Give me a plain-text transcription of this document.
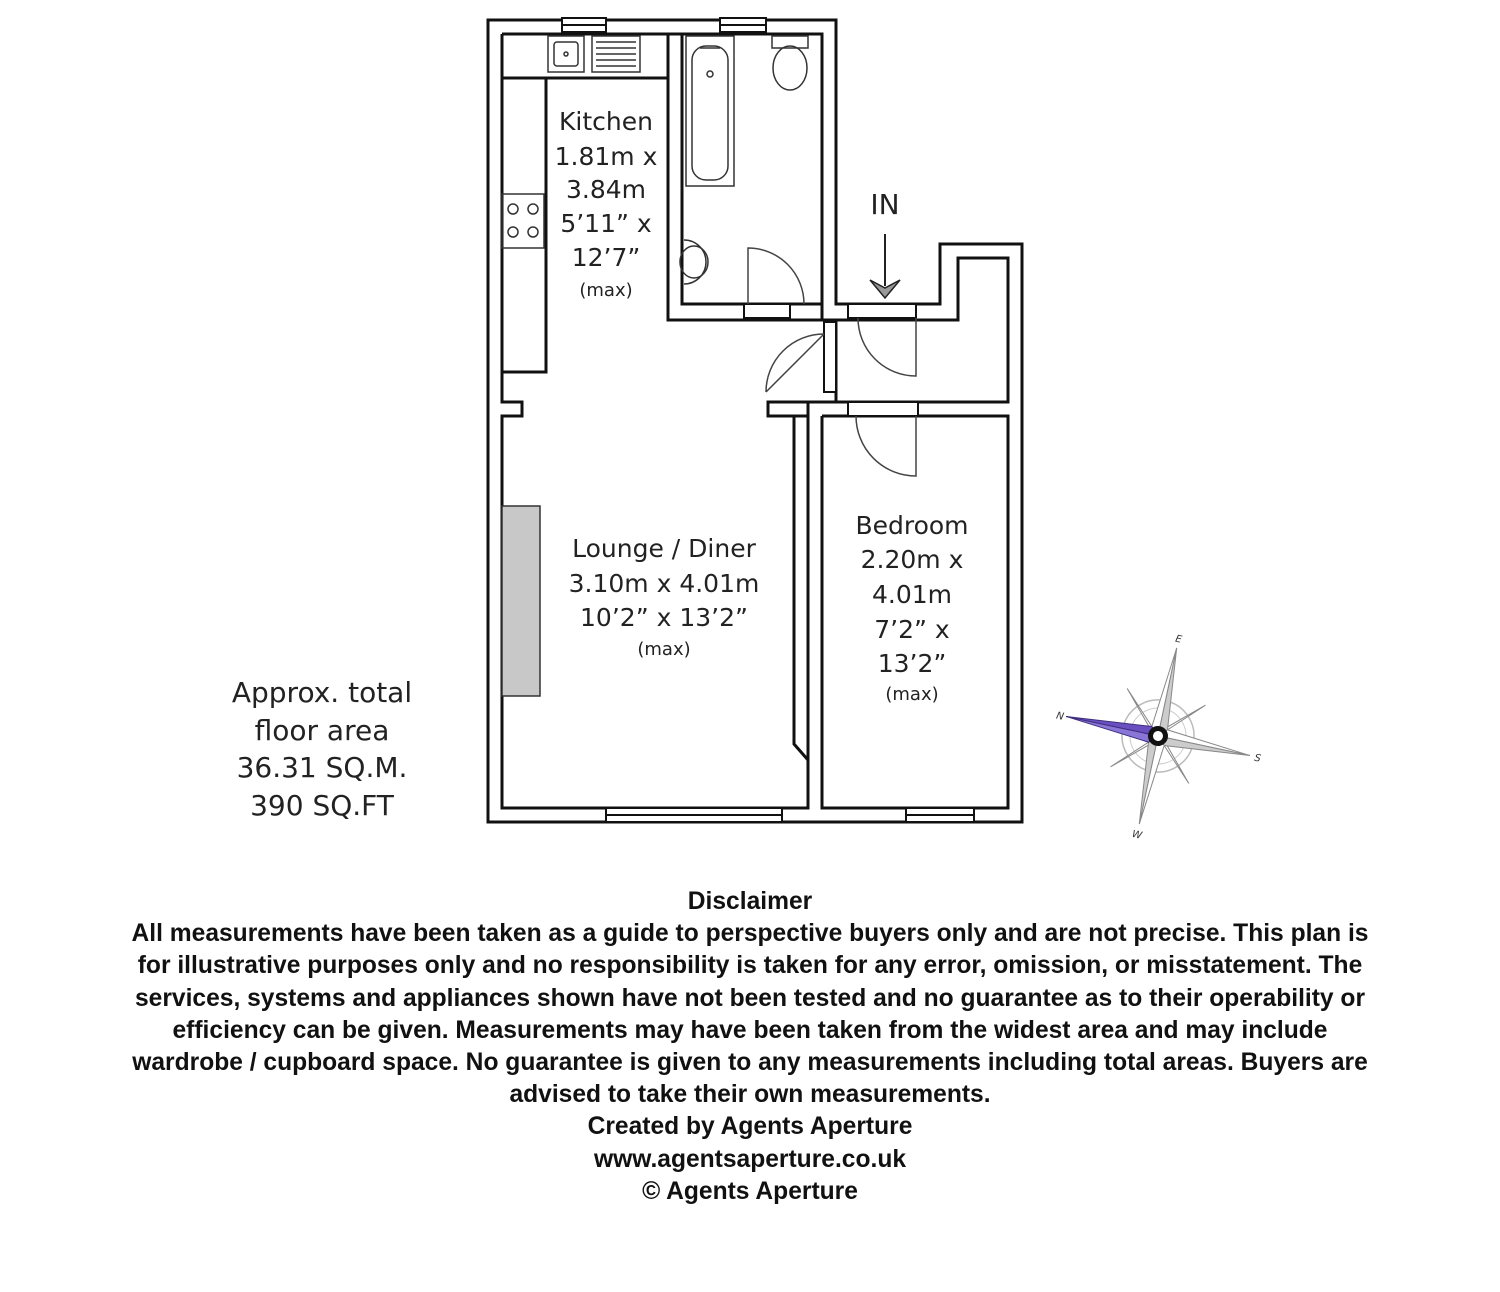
IN
Kitchen
1.81m x
3.84m
5’11” x
12’7”
(max)
Lounge / Diner
3.10m x 4.01m
10’2” x 13’2”
(max)
Bedroom
2.20m x
4.01m
7’2” x
13’2”
(max)
Approx. total
floor area
36.31 SQ.M.
390 SQ.FT
N
E
S
W
Disclaimer
All measurements have been taken as a guide to perspective buyers only and are not precise. This plan is
for illustrative purposes only and no responsibility is taken for any error, omission, or misstatement. The
services, systems and appliances shown have not been tested and no guarantee as to their operability or
efficiency can be given. Measurements may have been taken from the widest area and may include
wardrobe / cupboard space. No guarantee is given to any measurements including total areas. Buyers are
advised to take their own measurements.
Created by Agents Aperture
www.agentsaperture.co.uk
© Agents Aperture
